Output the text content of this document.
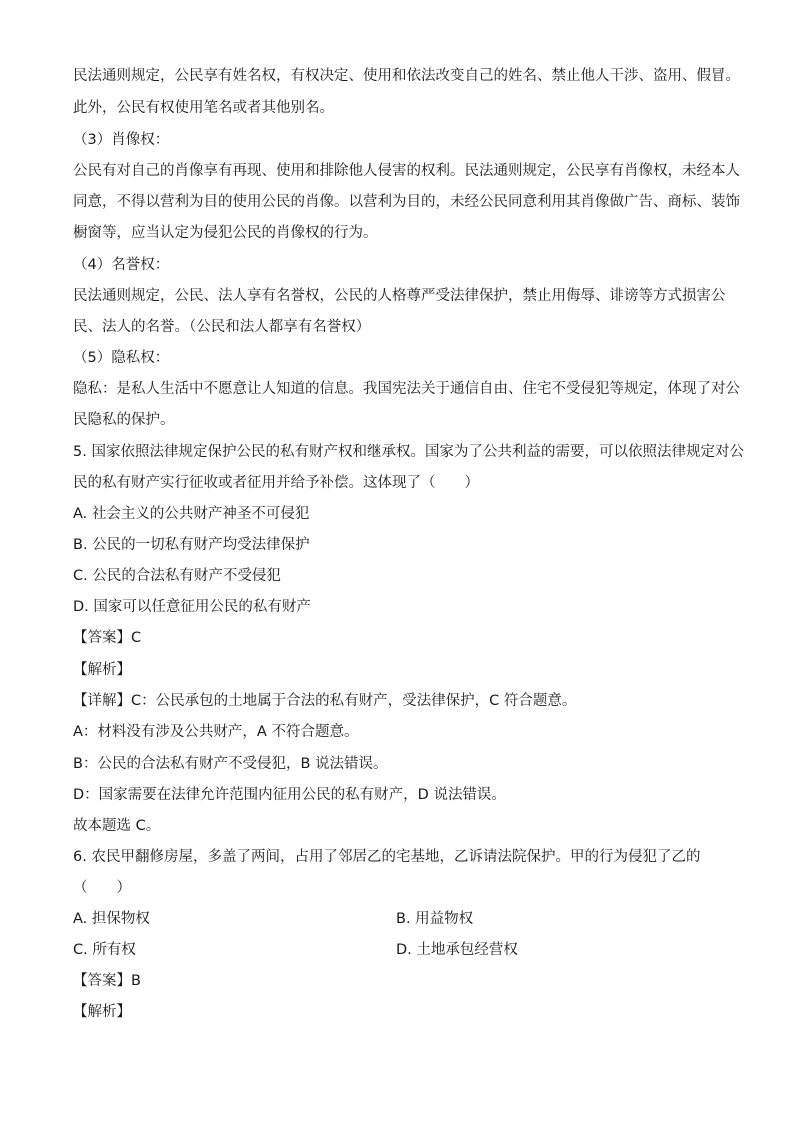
民法通则规定，公民享有姓名权，有权决定、使用和依法改变自己的姓名、禁止他人干涉、盗用、假冒。
此外，公民有权使用笔名或者其他别名。
（3）肖像权：
公民有对自己的肖像享有再现、使用和排除他人侵害的权利。民法通则规定，公民享有肖像权，未经本人
同意，不得以营利为目的使用公民的肖像。以营利为目的，未经公民同意利用其肖像做广告、商标、装饰
橱窗等，应当认定为侵犯公民的肖像权的行为。
（4）名誉权：
民法通则规定，公民、法人享有名誉权，公民的人格尊严受法律保护，禁止用侮辱、诽谤等方式损害公
民、法人的名誉。（公民和法人都享有名誉权）
（5）隐私权：
隐私：是私人生活中不愿意让人知道的信息。我国宪法关于通信自由、住宅不受侵犯等规定，体现了对公
民隐私的保护。
5. 国家依照法律规定保护公民的私有财产权和继承权。国家为了公共利益的需要，可以依照法律规定对公
民的私有财产实行征收或者征用并给予补偿。这体现了（　　）
A. 社会主义的公共财产神圣不可侵犯
B. 公民的一切私有财产均受法律保护
C. 公民的合法私有财产不受侵犯
D. 国家可以任意征用公民的私有财产
【答案】C
【解析】
【详解】C：公民承包的土地属于合法的私有财产，受法律保护，C 符合题意。
A：材料没有涉及公共财产，A 不符合题意。
B：公民的合法私有财产不受侵犯，B 说法错误。
D：国家需要在法律允许范围内征用公民的私有财产，D 说法错误。
故本题选 C。
6. 农民甲翻修房屋，多盖了两间，占用了邻居乙的宅基地，乙诉请法院保护。甲的行为侵犯了乙的
（　　）
A. 担保物权	B. 用益物权
C. 所有权	D. 土地承包经营权
【答案】B
【解析】
